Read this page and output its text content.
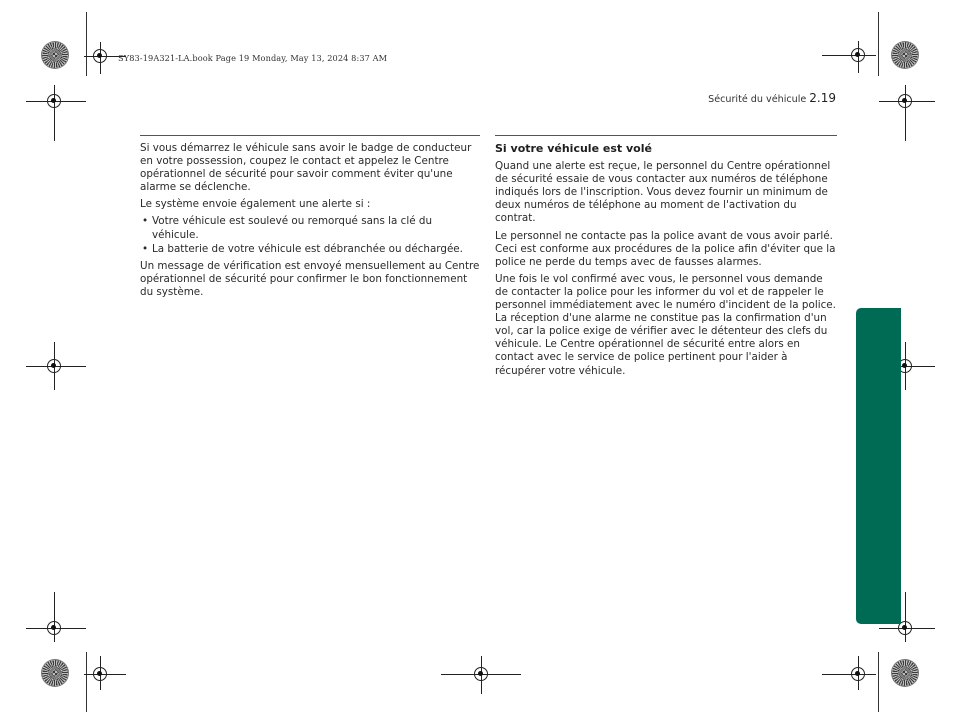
SY83-19A321-LA.book Page 19 Monday, May 13, 2024 8:37 AM
Sécurité du véhicule 2.19

Si vous démarrez le véhicule sans avoir le badge de conducteur en votre possession, coupez le contact et appelez le Centre opérationnel de sécurité pour savoir comment éviter qu'une alarme se déclenche.

Le système envoie également une alerte si :

• Votre véhicule est soulevé ou remorqué sans la clé du véhicule.
• La batterie de votre véhicule est débranchée ou déchargée.

Un message de vérification est envoyé mensuellement au Centre opérationnel de sécurité pour confirmer le bon fonctionnement du système.

Si votre véhicule est volé

Quand une alerte est reçue, le personnel du Centre opérationnel de sécurité essaie de vous contacter aux numéros de téléphone indiqués lors de l'inscription. Vous devez fournir un minimum de deux numéros de téléphone au moment de l'activation du contrat.

Le personnel ne contacte pas la police avant de vous avoir parlé. Ceci est conforme aux procédures de la police afin d'éviter que la police ne perde du temps avec de fausses alarmes.

Une fois le vol confirmé avec vous, le personnel vous demande de contacter la police pour les informer du vol et de rappeler le personnel immédiatement avec le numéro d'incident de la police. La réception d'une alarme ne constitue pas la confirmation d'un vol, car la police exige de vérifier avec le détenteur des clefs du véhicule. Le Centre opérationnel de sécurité entre alors en contact avec le service de police pertinent pour l'aider à récupérer votre véhicule.
